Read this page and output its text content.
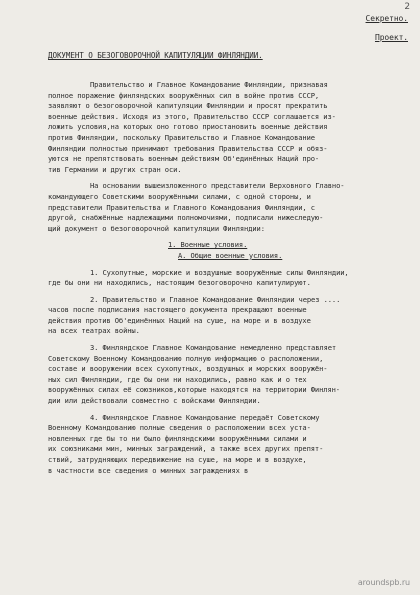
2
Секретно.
Проект.
ДОКУМЕНТ О БЕЗОГОВОРОЧНОЙ КАПИТУЛЯЦИИ ФИНЛЯНДИИ.
Правительство и Главное Командование Финляндии, признавая
полное поражение финляндских вооружённых сил в войне против СССР,
заявляют о безоговорочной капитуляции Финляндии и просят прекратить
военные действия. Исходя из этого, Правительство СССР соглашается из-
ложить условия,на которых оно готово приостановить военные действия
против Финляндии, поскольку Правительство и Главное Командование
Финляндии полностью принимают требования Правительства СССР и обяз-
уются не препятствовать военным действиям Об'единённых Наций про-
тив Германии и других стран оси.
На основании вышеизложенного представители Верховного Главно-
командующего Советскими вооружёнными силами, с одной стороны, и
представители Правительства и Главного Командования Финляндии, с
другой, снабжённые надлежащими полномочиями, подписали нижеследую-
щий документ о безоговорочной капитуляции Финляндии:
1. Военные условия.
А. Общие военные условия.
1. Сухопутные, морские и воздушные вооружённые силы Финляндии,
где бы они ни находились, настоящим безоговорочно капитулируют.
2. Правительство и Главное Командование Финляндии через ....
часов после подписания настоящего документа прекращают военные
действия против Об'единённых Наций на суше, на море и в воздухе
на всех театрах войны.
3. Финляндское Главное Командование немедленно представляет
Советскому Военному Командованию полную информацию о расположении,
составе и вооружении всех сухопутных, воздушных и морских вооружён-
ных сил Финляндии, где бы они ни находились, равно как и о тех
вооружённых силах её союзников,которые находятся на территории Финлян-
дии или действовали совместно с войсками Финляндии.
4. Финляндское Главное Командование передаёт Советскому
Военному Командованию полные сведения о расположении всех уста-
новленных где бы то ни было финляндскими вооружёнными силами и
их союзниками мин, минных заграждений, а также всех других препят-
ствий, затрудняющих передвижение на суше, на море и в воздухе,
в частности все сведения о минных заграждениях в
aroundspb.ru
